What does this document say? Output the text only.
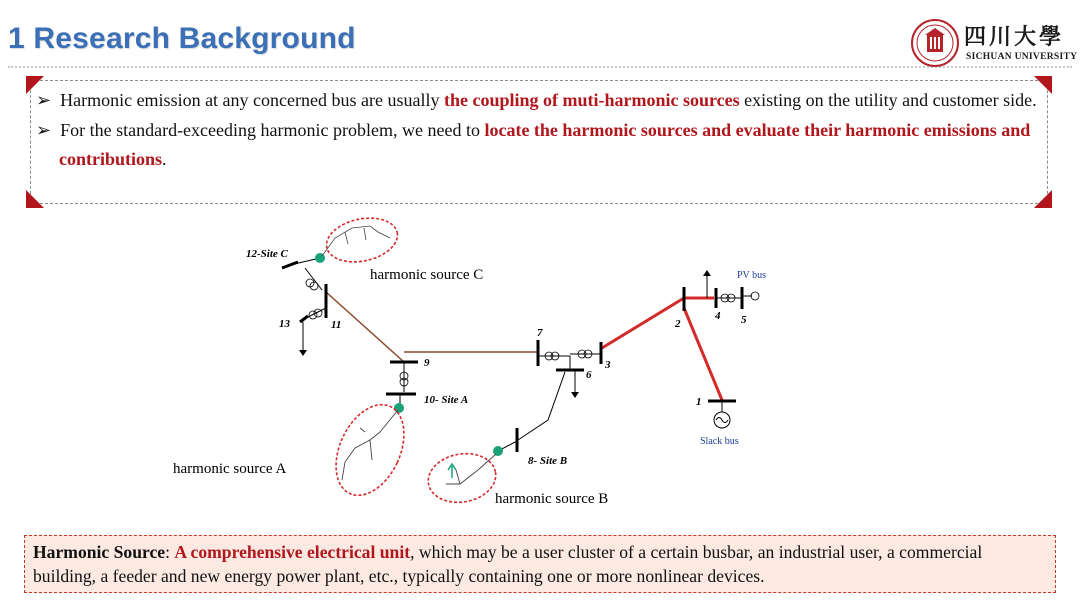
1 Research Background	四川大學
SICHUAN UNIVERSITY

➢  Harmonic emission at any concerned bus are usually the coupling of muti-harmonic sources existing on the utility and customer side.

➢  For the standard-exceeding harmonic problem, we need to locate the harmonic sources and evaluate their harmonic emissions and contributions.

12-Site C
harmonic source C
13	11
9
10- Site A
harmonic source A
7
6
3
8- Site B
harmonic source B
2
4 5
PV bus
1
Slack bus
Harmonic Source: A comprehensive electrical unit, which may be a user cluster of a certain busbar, an industrial user, a commercial building, a feeder and new energy power plant, etc., typically containing one or more nonlinear devices.
